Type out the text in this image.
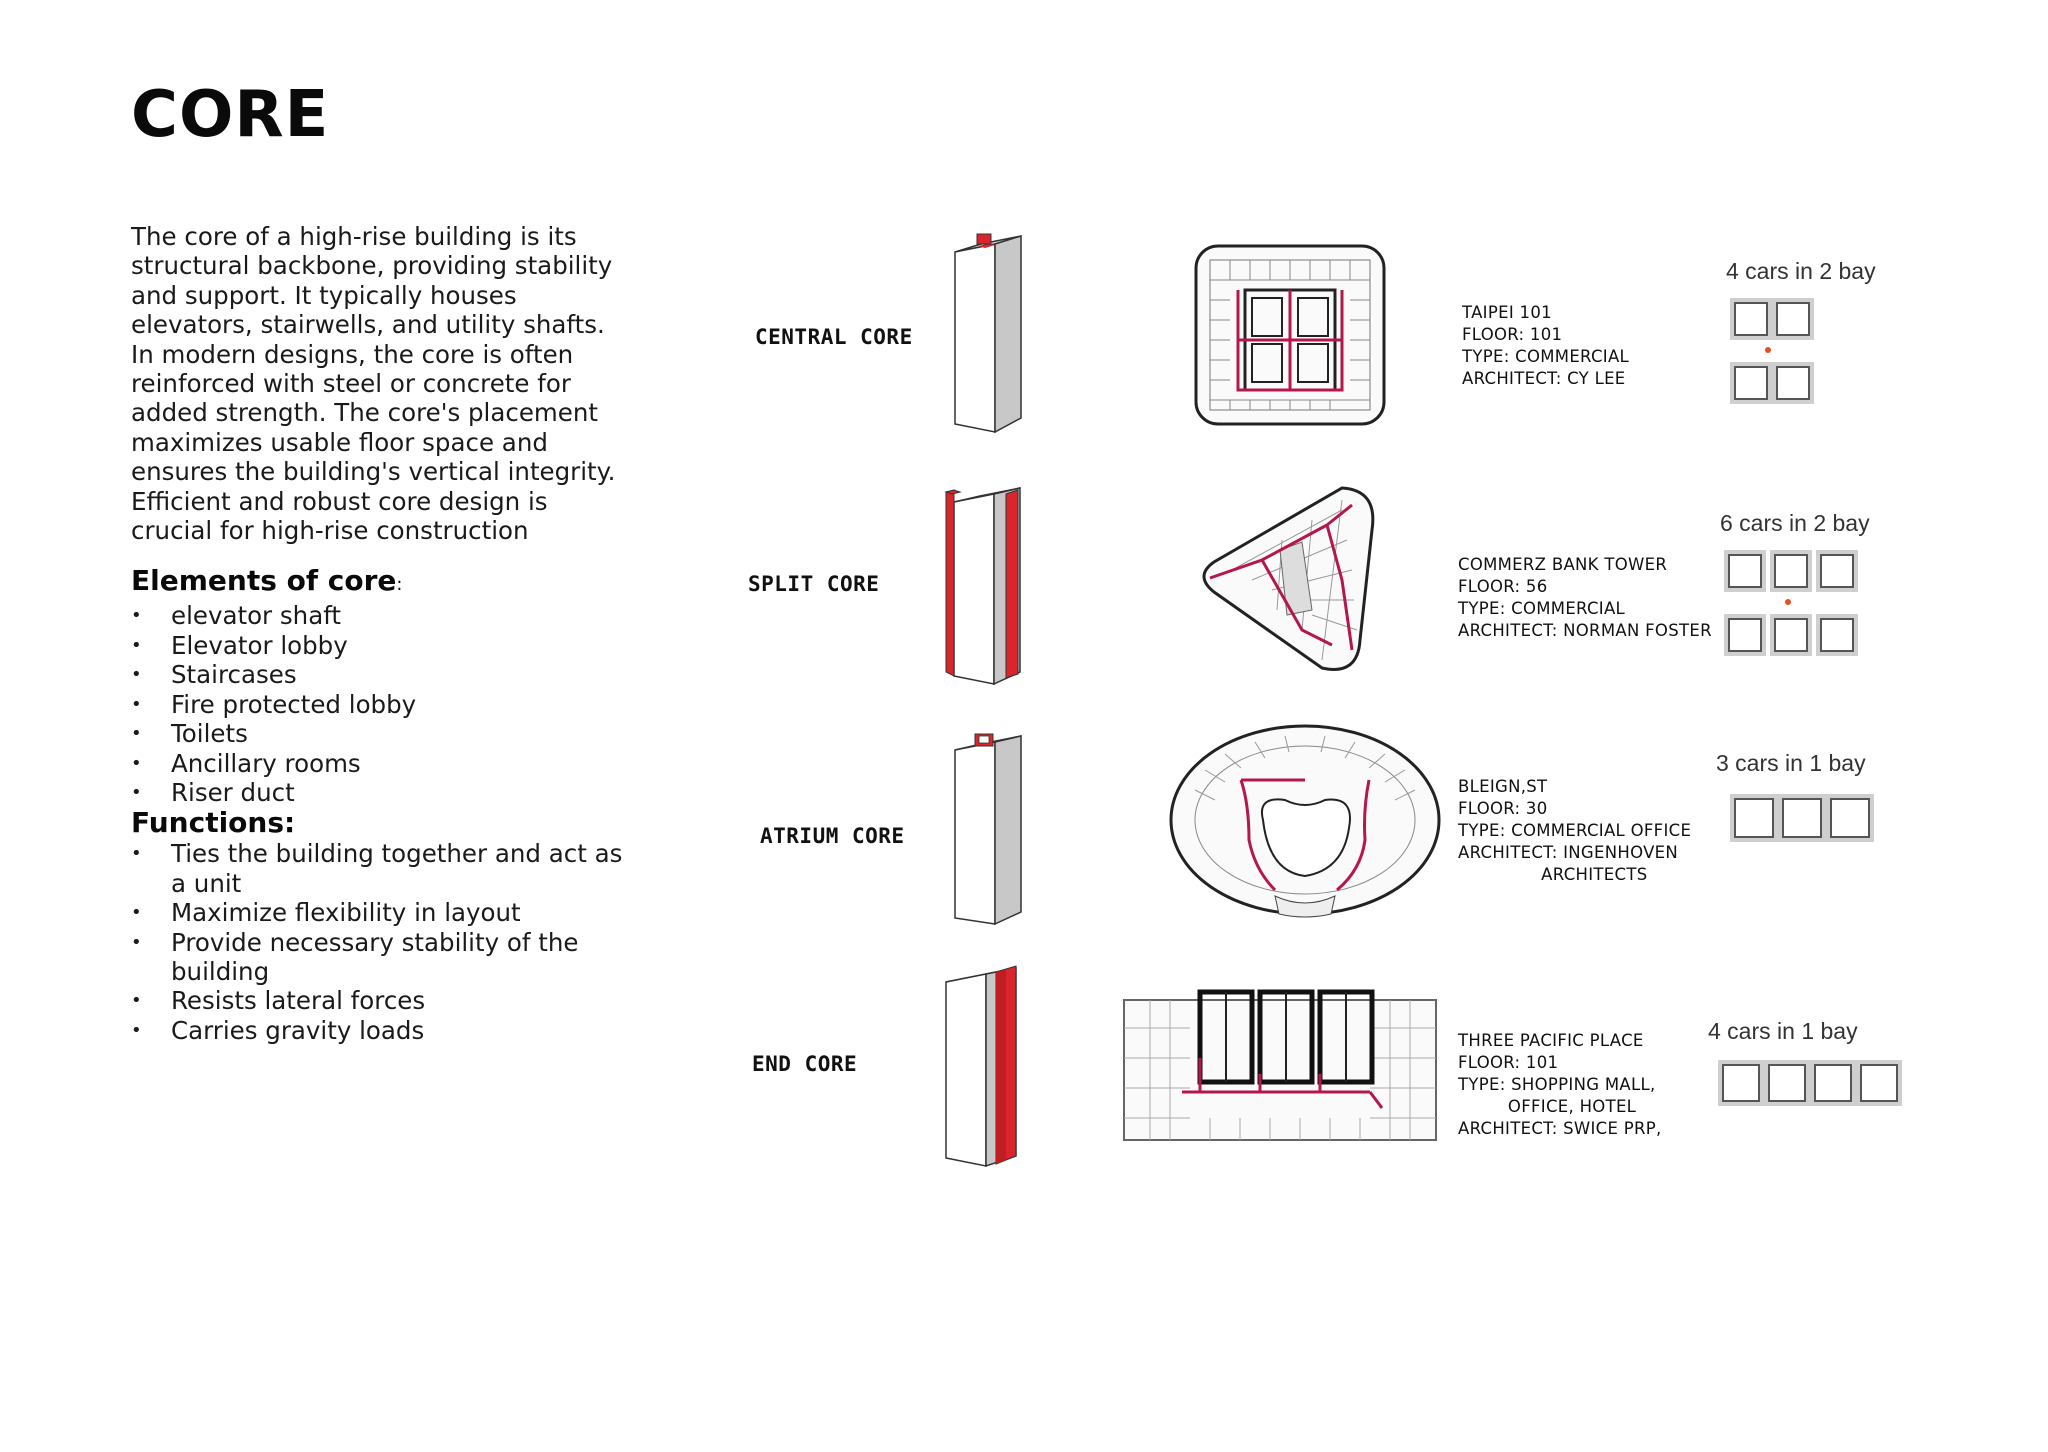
CORE

The core of a high-rise building is its structural backbone, providing stability and support. It typically houses elevators, stairwells, and utility shafts. In modern designs, the core is often reinforced with steel or concrete for added strength. The core's placement maximizes usable floor space and ensures the building's vertical integrity. Efficient and robust core design is crucial for high-rise construction

Elements of core:

• elevator shaft
• Elevator lobby
• Staircases
• Fire protected lobby
• Toilets
• Ancillary rooms
• Riser duct

Functions:

• Ties the building together and act as a unit
• Maximize flexibility in layout
• Provide necessary stability of the building
• Resists lateral forces
• Carries gravity loads
CENTRAL CORE
TAIPEI 101
FLOOR: 101
TYPE: COMMERCIAL
ARCHITECT: CY LEE
4 cars in 2 bay
SPLIT CORE
COMMERZ BANK TOWER
FLOOR: 56
TYPE: COMMERCIAL
ARCHITECT: NORMAN FOSTER
6 cars in 2 bay
ATRIUM CORE
BLEIGN,ST
FLOOR: 30
TYPE: COMMERCIAL OFFICE
ARCHITECT: INGENHOVEN
ARCHITECTS
3 cars in 1 bay
END CORE
THREE PACIFIC PLACE
FLOOR: 101
TYPE: SHOPPING MALL,
OFFICE, HOTEL
ARCHITECT: SWICE PRP,
4 cars in 1 bay
